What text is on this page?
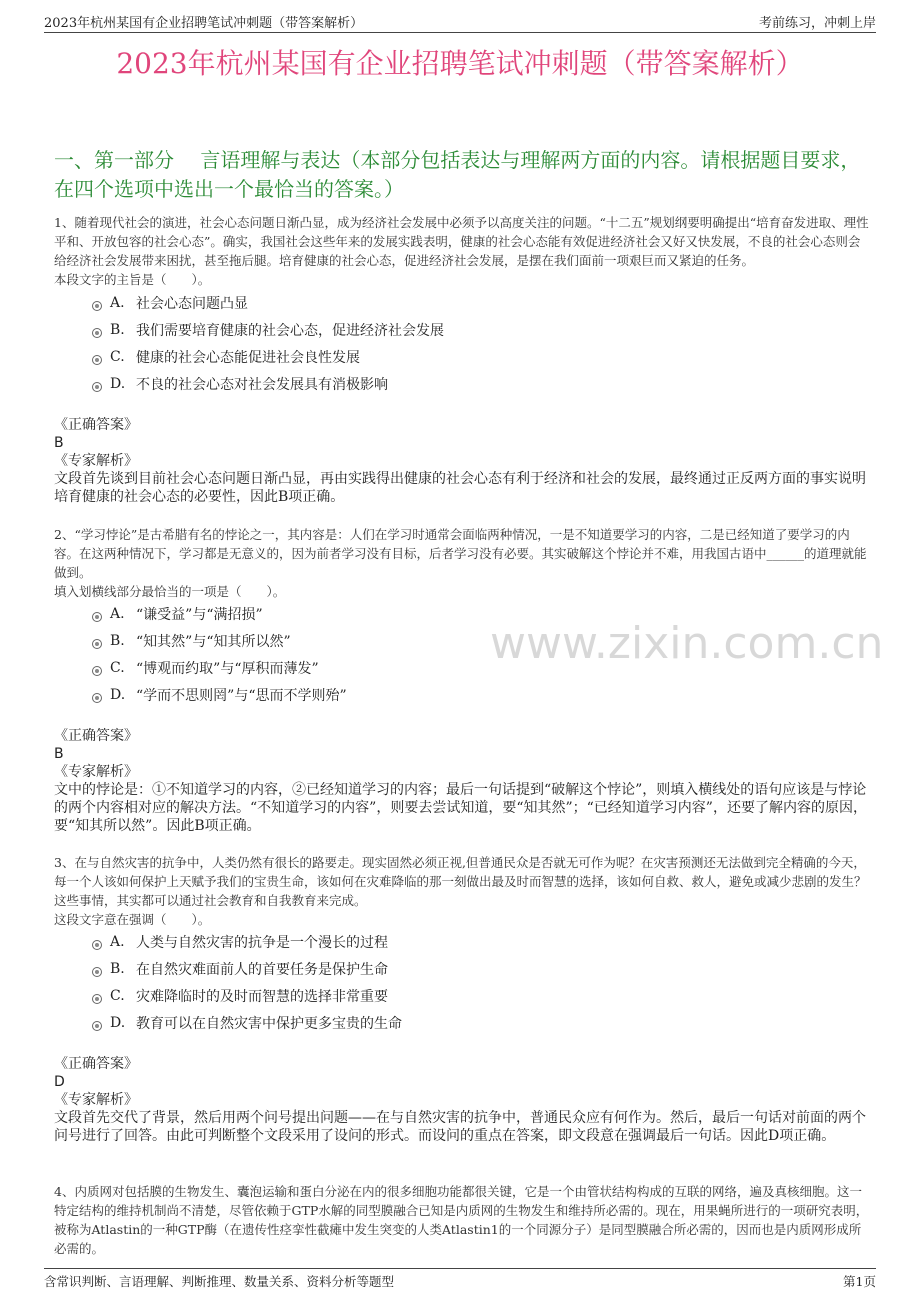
2023年杭州某国有企业招聘笔试冲刺题（带答案解析）	考前练习，冲刺上岸
2023年杭州某国有企业招聘笔试冲刺题（带答案解析）
一、第一部分　 言语理解与表达（本部分包括表达与理解两方面的内容。请根据题目要求，在四个选项中选出一个最恰当的答案。）
1、随着现代社会的演进，社会心态问题日渐凸显，成为经济社会发展中必须予以高度关注的问题。“十二五”规划纲要明确提出“培育奋发进取、理性平和、开放包容的社会心态”。确实，我国社会这些年来的发展实践表明，健康的社会心态能有效促进经济社会又好又快发展，不良的社会心态则会给经济社会发展带来困扰，甚至拖后腿。培育健康的社会心态，促进经济社会发展，是摆在我们面前一项艰巨而又紧迫的任务。
本段文字的主旨是（　　）。
A. 社会心态问题凸显
B. 我们需要培育健康的社会心态，促进经济社会发展
C. 健康的社会心态能促进社会良性发展
D. 不良的社会心态对社会发展具有消极影响
《正确答案》
B
《专家解析》
文段首先谈到目前社会心态问题日渐凸显，再由实践得出健康的社会心态有利于经济和社会的发展，最终通过正反两方面的事实说明培育健康的社会心态的必要性，因此B项正确。
2、“学习悖论”是古希腊有名的悖论之一，其内容是：人们在学习时通常会面临两种情况，一是不知道要学习的内容，二是已经知道了要学习的内容。在这两种情况下，学习都是无意义的，因为前者学习没有目标，后者学习没有必要。其实破解这个悖论并不难，用我国古语中______的道理就能做到。
填入划横线部分最恰当的一项是（　　）。
A. “谦受益”与“满招损”
B. “知其然”与“知其所以然”
C. “博观而约取”与“厚积而薄发”
D. “学而不思则罔”与“思而不学则殆”
《正确答案》
B
《专家解析》
文中的悖论是：①不知道学习的内容，②已经知道学习的内容；最后一句话提到“破解这个悖论”，则填入横线处的语句应该是与悖论的两个内容相对应的解决方法。“不知道学习的内容”，则要去尝试知道，要“知其然”；“已经知道学习内容”，还要了解内容的原因，要“知其所以然”。因此B项正确。
3、在与自然灾害的抗争中，人类仍然有很长的路要走。现实固然必须正视,但普通民众是否就无可作为呢？在灾害预测还无法做到完全精确的今天，每一个人该如何保护上天赋予我们的宝贵生命，该如何在灾难降临的那一刻做出最及时而智慧的选择，该如何自救、救人，避免或减少悲剧的发生？这些事情，其实都可以通过社会教育和自我教育来完成。
这段文字意在强调（　　）。
A. 人类与自然灾害的抗争是一个漫长的过程
B. 在自然灾难面前人的首要任务是保护生命
C. 灾难降临时的及时而智慧的选择非常重要
D. 教育可以在自然灾害中保护更多宝贵的生命
《正确答案》
D
《专家解析》
文段首先交代了背景，然后用两个问号提出问题——在与自然灾害的抗争中，普通民众应有何作为。然后，最后一句话对前面的两个问号进行了回答。由此可判断整个文段采用了设问的形式。而设问的重点在答案，即文段意在强调最后一句话。因此D项正确。
4、内质网对包括膜的生物发生、囊泡运输和蛋白分泌在内的很多细胞功能都很关键，它是一个由管状结构构成的互联的网络，遍及真核细胞。这一特定结构的维持机制尚不清楚，尽管依赖于GTP水解的同型膜融合已知是内质网的生物发生和维持所必需的。现在，用果蝇所进行的一项研究表明，被称为Atlastin的一种GTP酶（在遗传性痉挛性截瘫中发生突变的人类Atlastin1的一个同源分子）是同型膜融合所必需的，因而也是内质网形成所必需的。
www.zixin.com.cn
含常识判断、言语理解、判断推理、数量关系、资料分析等题型	第1页
